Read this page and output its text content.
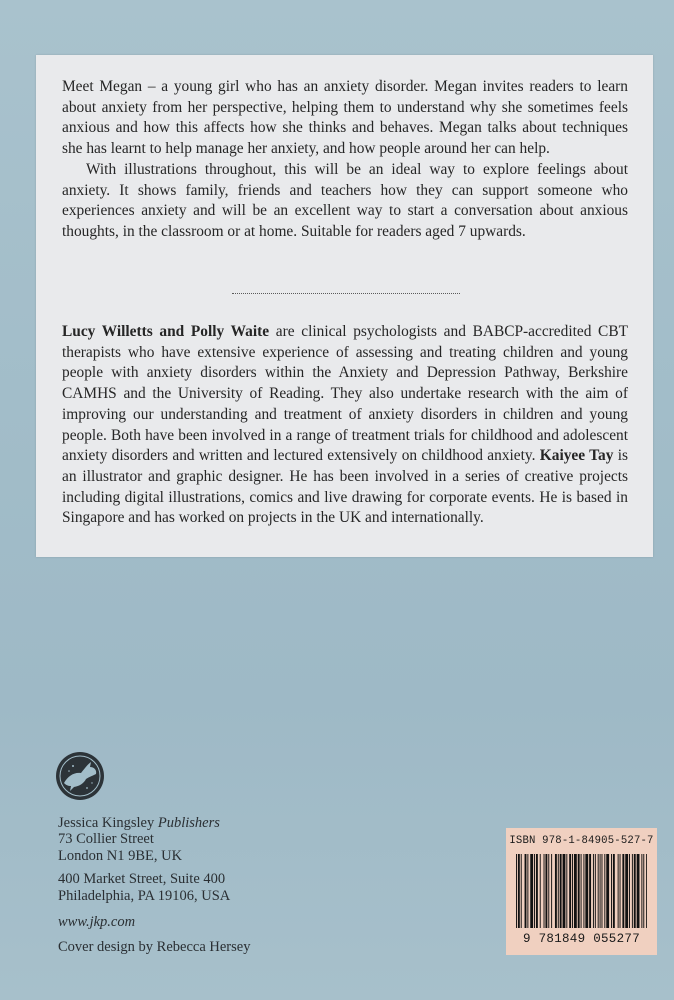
Meet Megan – a young girl who has an anxiety disorder. Megan invites readers to learn about anxiety from her perspective, helping them to understand why she sometimes feels anxious and how this affects how she thinks and behaves. Megan talks about techniques she has learnt to help manage her anxiety, and how people around her can help.

With illustrations throughout, this will be an ideal way to explore feelings about anxiety. It shows family, friends and teachers how they can support someone who experiences anxiety and will be an excellent way to start a conversation about anxious thoughts, in the classroom or at home. Suitable for readers aged 7 upwards.

Lucy Willetts and Polly Waite are clinical psychologists and BABCP-accredited CBT therapists who have extensive experience of assessing and treating children and young people with anxiety disorders within the Anxiety and Depression Pathway, Berkshire CAMHS and the University of Reading. They also undertake research with the aim of improving our understanding and treatment of anxiety disorders in children and young people. Both have been involved in a range of treatment trials for childhood and adolescent anxiety disorders and written and lectured extensively on childhood anxiety. Kaiyee Tay is an illustrator and graphic designer. He has been involved in a series of creative projects including digital illustrations, comics and live drawing for corporate events. He is based in Singapore and has worked on projects in the UK and internationally.

Jessica Kingsley Publishers
73 Collier Street
London N1 9BE, UK
400 Market Street, Suite 400
Philadelphia, PA 19106, USA
www.jkp.com
Cover design by Rebecca Hersey
ISBN 978-1-84905-527-7
9 781849 055277
